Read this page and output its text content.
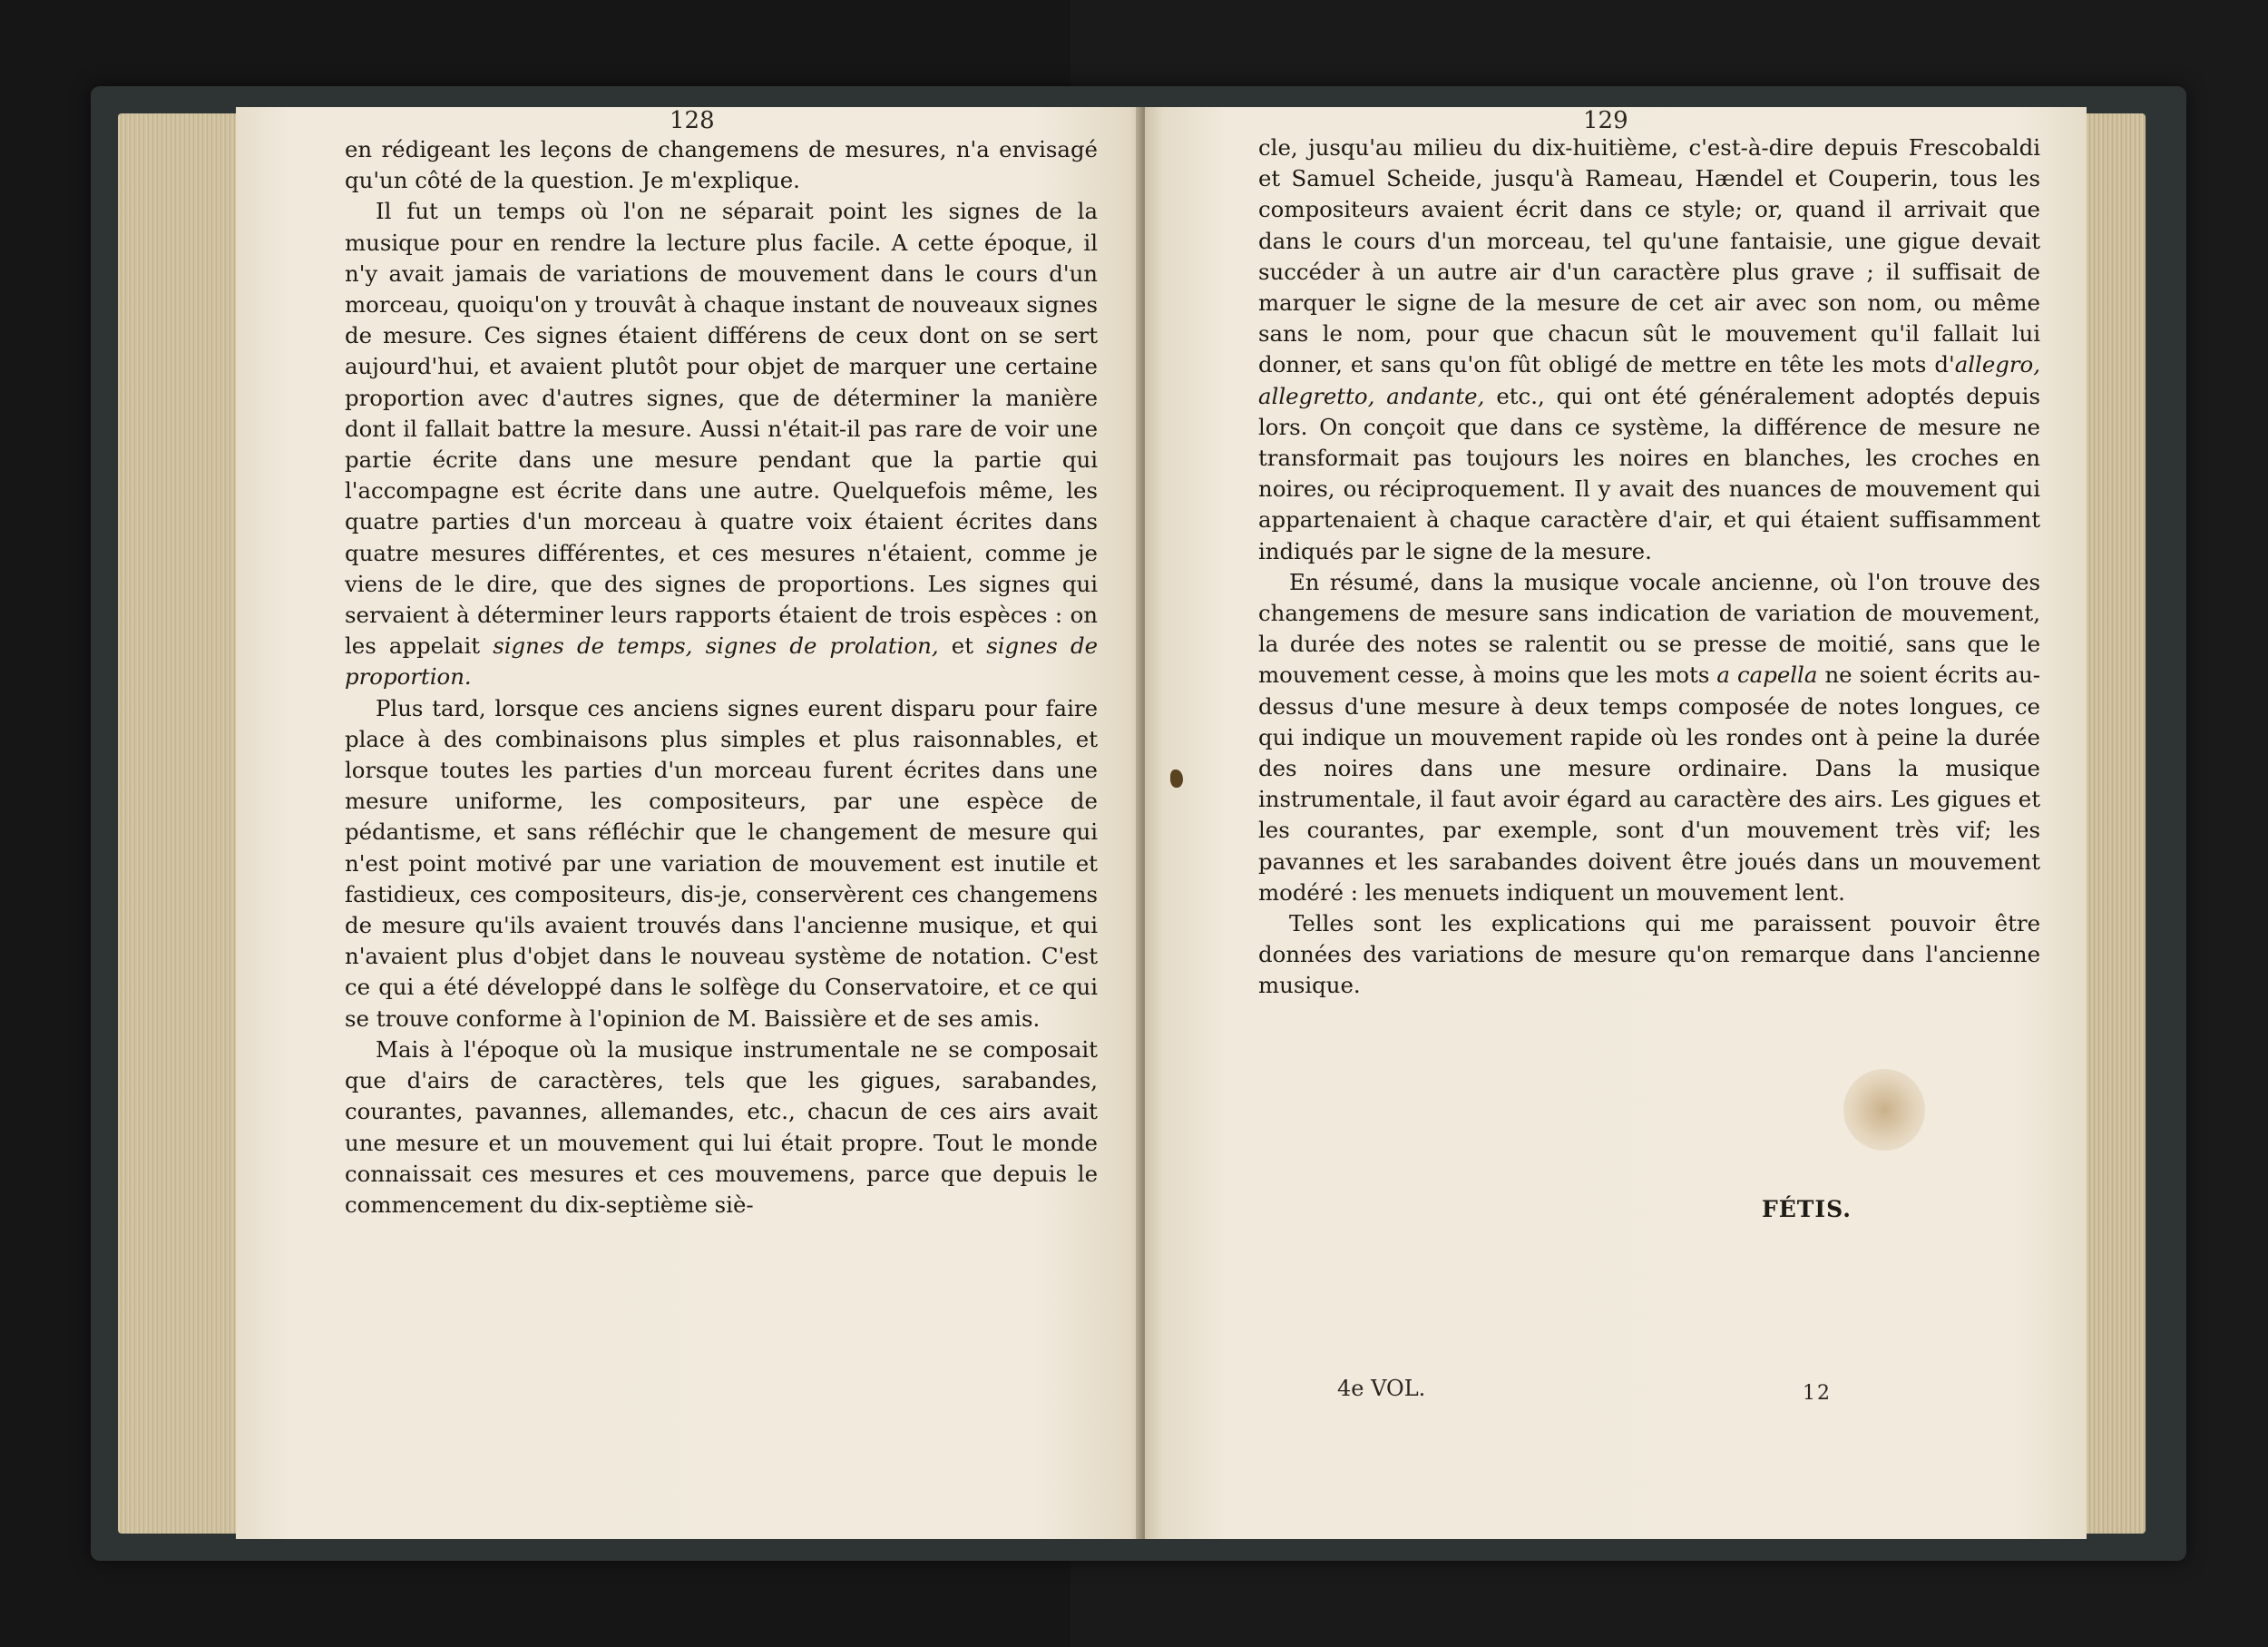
128

en rédigeant les leçons de changemens de mesures, n'a envisagé qu'un côté de la question. Je m'explique.

Il fut un temps où l'on ne séparait point les signes de la musique pour en rendre la lecture plus facile. A cette époque, il n'y avait jamais de variations de mouvement dans le cours d'un morceau, quoiqu'on y trouvât à chaque instant de nouveaux signes de mesure. Ces signes étaient différens de ceux dont on se sert aujourd'hui, et avaient plutôt pour objet de marquer une certaine proportion avec d'autres signes, que de déterminer la manière dont il fallait battre la mesure. Aussi n'était-il pas rare de voir une partie écrite dans une mesure pendant que la partie qui l'accompagne est écrite dans une autre. Quelquefois même, les quatre parties d'un morceau à quatre voix étaient écrites dans quatre mesures différentes, et ces mesures n'étaient, comme je viens de le dire, que des signes de proportions. Les signes qui servaient à déterminer leurs rapports étaient de trois espèces : on les appelait signes de temps, signes de prolation, et signes de proportion.

Plus tard, lorsque ces anciens signes eurent disparu pour faire place à des combinaisons plus simples et plus raisonnables, et lorsque toutes les parties d'un morceau furent écrites dans une mesure uniforme, les compositeurs, par une espèce de pédantisme, et sans réfléchir que le changement de mesure qui n'est point motivé par une variation de mouvement est inutile et fastidieux, ces compositeurs, dis-je, conservèrent ces changemens de mesure qu'ils avaient trouvés dans l'ancienne musique, et qui n'avaient plus d'objet dans le nouveau système de notation. C'est ce qui a été développé dans le solfège du Conservatoire, et ce qui se trouve conforme à l'opinion de M. Baissière et de ses amis.

Mais à l'époque où la musique instrumentale ne se composait que d'airs de caractères, tels que les gigues, sarabandes, courantes, pavannes, allemandes, etc., chacun de ces airs avait une mesure et un mouvement qui lui était propre. Tout le monde connaissait ces mesures et ces mouvemens, parce que depuis le commencement du dix-septième siè-

129

cle, jusqu'au milieu du dix-huitième, c'est-à-dire depuis Frescobaldi et Samuel Scheide, jusqu'à Rameau, Hændel et Couperin, tous les compositeurs avaient écrit dans ce style; or, quand il arrivait que dans le cours d'un morceau, tel qu'une fantaisie, une gigue devait succéder à un autre air d'un caractère plus grave ; il suffisait de marquer le signe de la mesure de cet air avec son nom, ou même sans le nom, pour que chacun sût le mouvement qu'il fallait lui donner, et sans qu'on fût obligé de mettre en tête les mots d'allegro, allegretto, andante, etc., qui ont été généralement adoptés depuis lors. On conçoit que dans ce système, la différence de mesure ne transformait pas toujours les noires en blanches, les croches en noires, ou réciproquement. Il y avait des nuances de mouvement qui appartenaient à chaque caractère d'air, et qui étaient suffisamment indiqués par le signe de la mesure.

En résumé, dans la musique vocale ancienne, où l'on trouve des changemens de mesure sans indication de variation de mouvement, la durée des notes se ralentit ou se presse de moitié, sans que le mouvement cesse, à moins que les mots a capella ne soient écrits au-dessus d'une mesure à deux temps composée de notes longues, ce qui indique un mouvement rapide où les rondes ont à peine la durée des noires dans une mesure ordinaire. Dans la musique instrumentale, il faut avoir égard au caractère des airs. Les gigues et les courantes, par exemple, sont d'un mouvement très vif; les pavannes et les sarabandes doivent être joués dans un mouvement modéré : les menuets indiquent un mouvement lent.

Telles sont les explications qui me paraissent pouvoir être données des variations de mesure qu'on remarque dans l'ancienne musique.

FÉTIS.
4e VOL.	12
